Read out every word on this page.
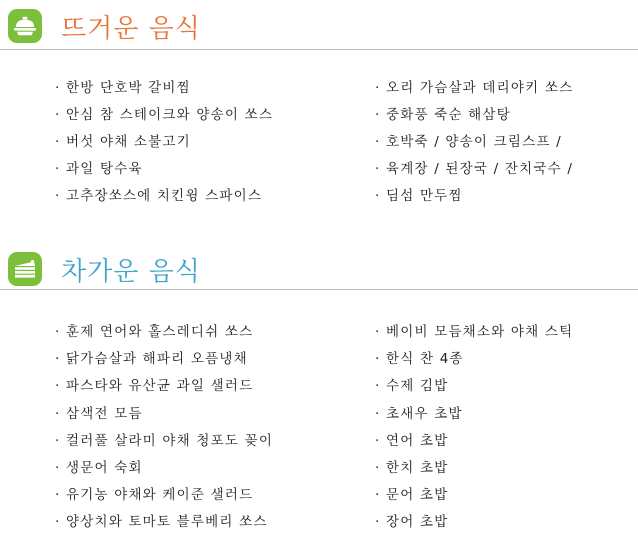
뜨거운 음식
· 한방 단호박 갈비찜
· 안심 참 스테이크와 양송이 쏘스
· 버섯 야채 소불고기
· 과일 탕수육
· 고추장쏘스에 치킨윙 스파이스
· 오리 가슴살과 데리야키 쏘스
· 중화풍 죽순 해삼탕
· 호박죽 / 양송이 크림스프 /
· 육계장 / 된장국 / 잔치국수 /
· 딤섬 만두찜
차가운 음식
· 훈제 연어와 홀스레디쉬 쏘스
· 닭가슴살과 해파리 오픔냉채
· 파스타와 유산균 과일 샐러드
· 삼색전 모듬
· 컬러풀 살라미 야채 청포도 꽂이
· 생문어 숙회
· 유기농 야채와 케이준 샐러드
· 양상치와 토마토 블루베리 쏘스
· 베이비 모듬채소와 야채 스틱
· 한식 찬 4종
· 수제 김밥
· 초새우 초밥
· 연어 초밥
· 한치 초밥
· 문어 초밥
· 장어 초밥
